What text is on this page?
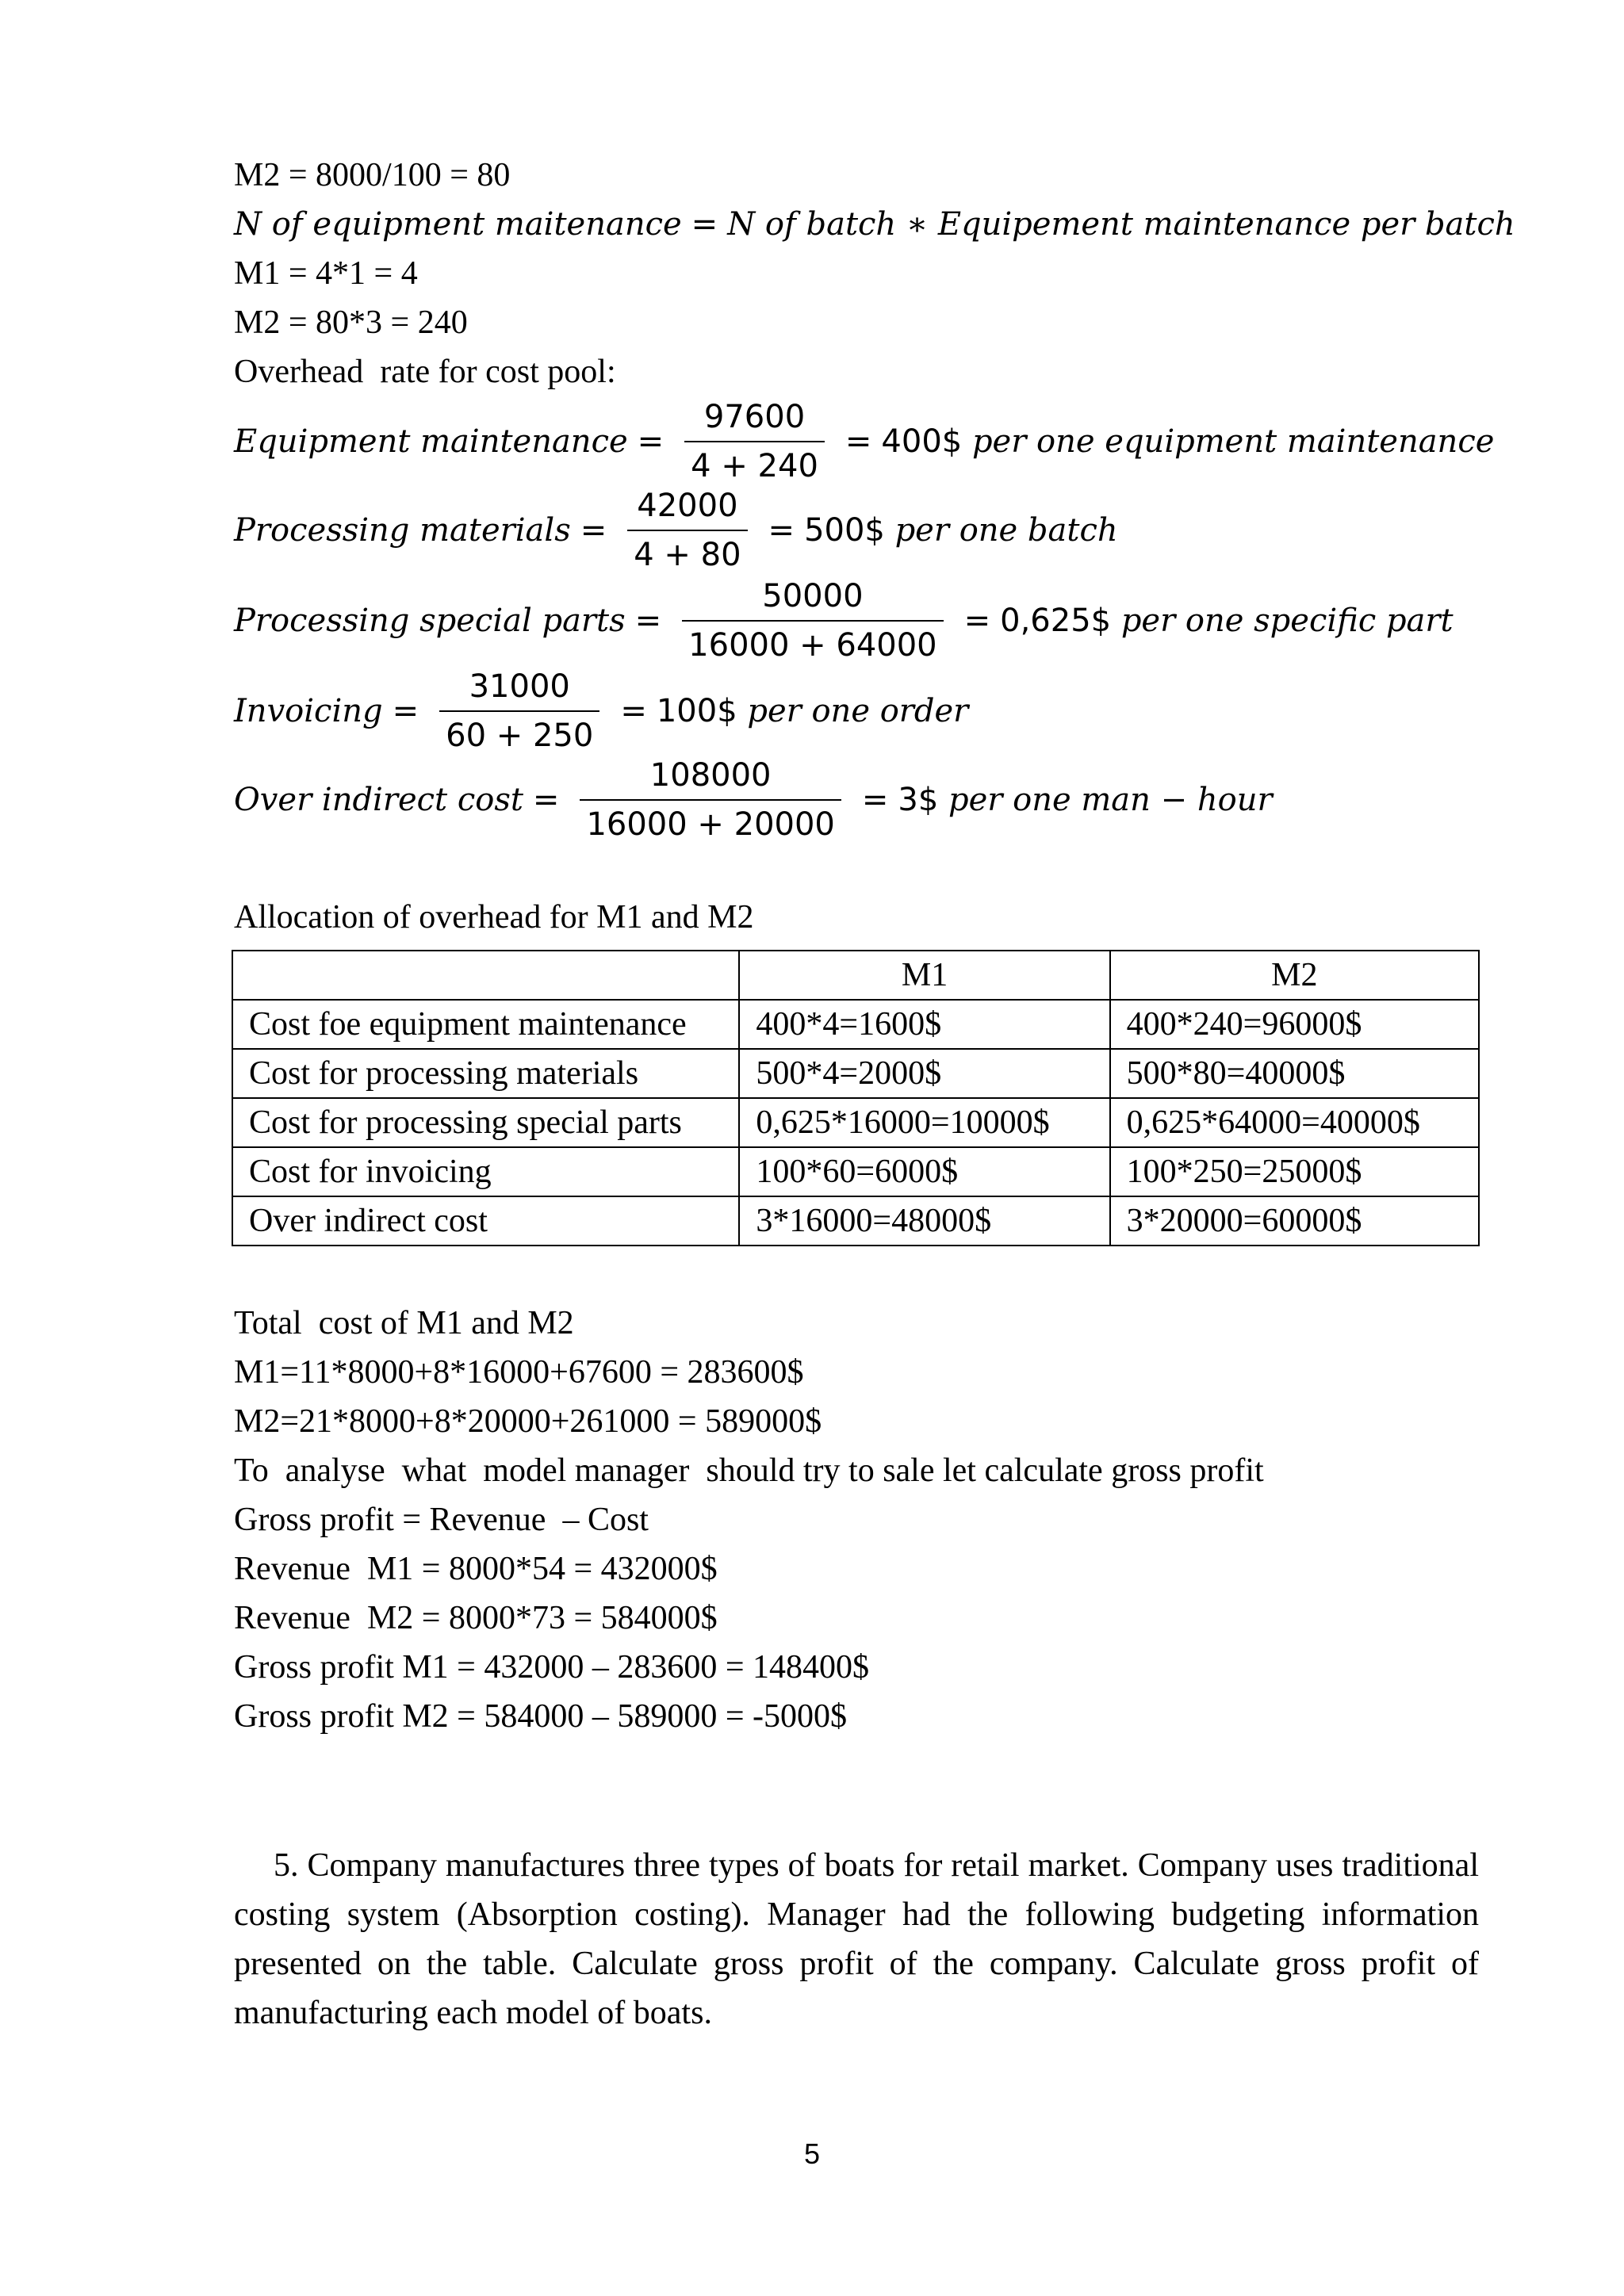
M2 = 8000/100 = 80
N of equipment maitenance = N of batch ∗ Equipement maintenance per batch
M1 = 4*1 = 4
M2 = 80*3 = 240
Overhead  rate for cost pool:
Equipment maintenance = $\frac{97600}{4 + 240}$ = 400$
per one equipment maintenance
Processing materials = $\frac{42000}{4 + 80}$ = 500$
per one batch
Processing special parts = $\frac{50000}{16000 + 64000}$ = 0,625$
per one specific part
Invoicing = $\frac{31000}{60 + 250}$ = 100$
per one order
Over indirect $\cos t = \frac{108000}{16000 + 20000}$ = 3$
per one man − hour
Allocation of overhead for M1 and M2
	M1	M2
Cost foe equipment maintenance	400*4=1600$	400*240=96000$
Cost for processing materials	500*4=2000$	500*80=40000$
Cost for processing special parts	0,625*16000=10000$	0,625*64000=40000$
Cost for invoicing	100*60=6000$	100*250=25000$
Over indirect cost	3*16000=48000$	3*20000=60000$
Total  cost of M1 and M2
M1=11*8000+8*16000+67600 = 283600$
M2=21*8000+8*20000+261000 = 589000$
To  analyse  what  model manager  should try to sale let calculate gross profit
Gross profit = Revenue  – Cost
Revenue  M1 = 8000*54 = 432000$
Revenue  M2 = 8000*73 = 584000$
Gross profit M1 = 432000 – 283600 = 148400$
Gross profit M2 = 584000 – 589000 = -5000$
5. Company manufactures three types of boats for retail market. Company uses traditional costing system (Absorption costing). Manager had the following budgeting information presented on the table. Calculate gross profit of the company. Calculate gross profit of manufacturing each model of boats.
5
